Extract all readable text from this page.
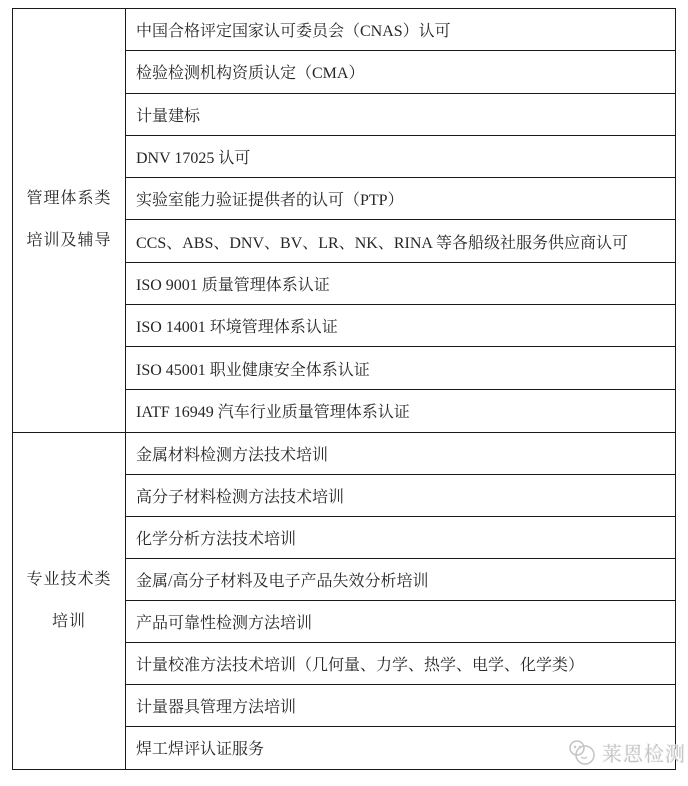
管理体系类
培训及辅导
中国合格评定国家认可委员会（CNAS）认可
检验检测机构资质认定（CMA）
计量建标
DNV 17025 认可
实验室能力验证提供者的认可（PTP）
CCS、ABS、DNV、BV、LR、NK、RINA 等各船级社服务供应商认可
ISO 9001 质量管理体系认证
ISO 14001 环境管理体系认证
ISO 45001 职业健康安全体系认证
IATF 16949 汽车行业质量管理体系认证
专业技术类
培训
金属材料检测方法技术培训
高分子材料检测方法技术培训
化学分析方法技术培训
金属/高分子材料及电子产品失效分析培训
产品可靠性检测方法培训
计量校准方法技术培训（几何量、力学、热学、电学、化学类）
计量器具管理方法培训
焊工焊评认证服务	莱恩检测
